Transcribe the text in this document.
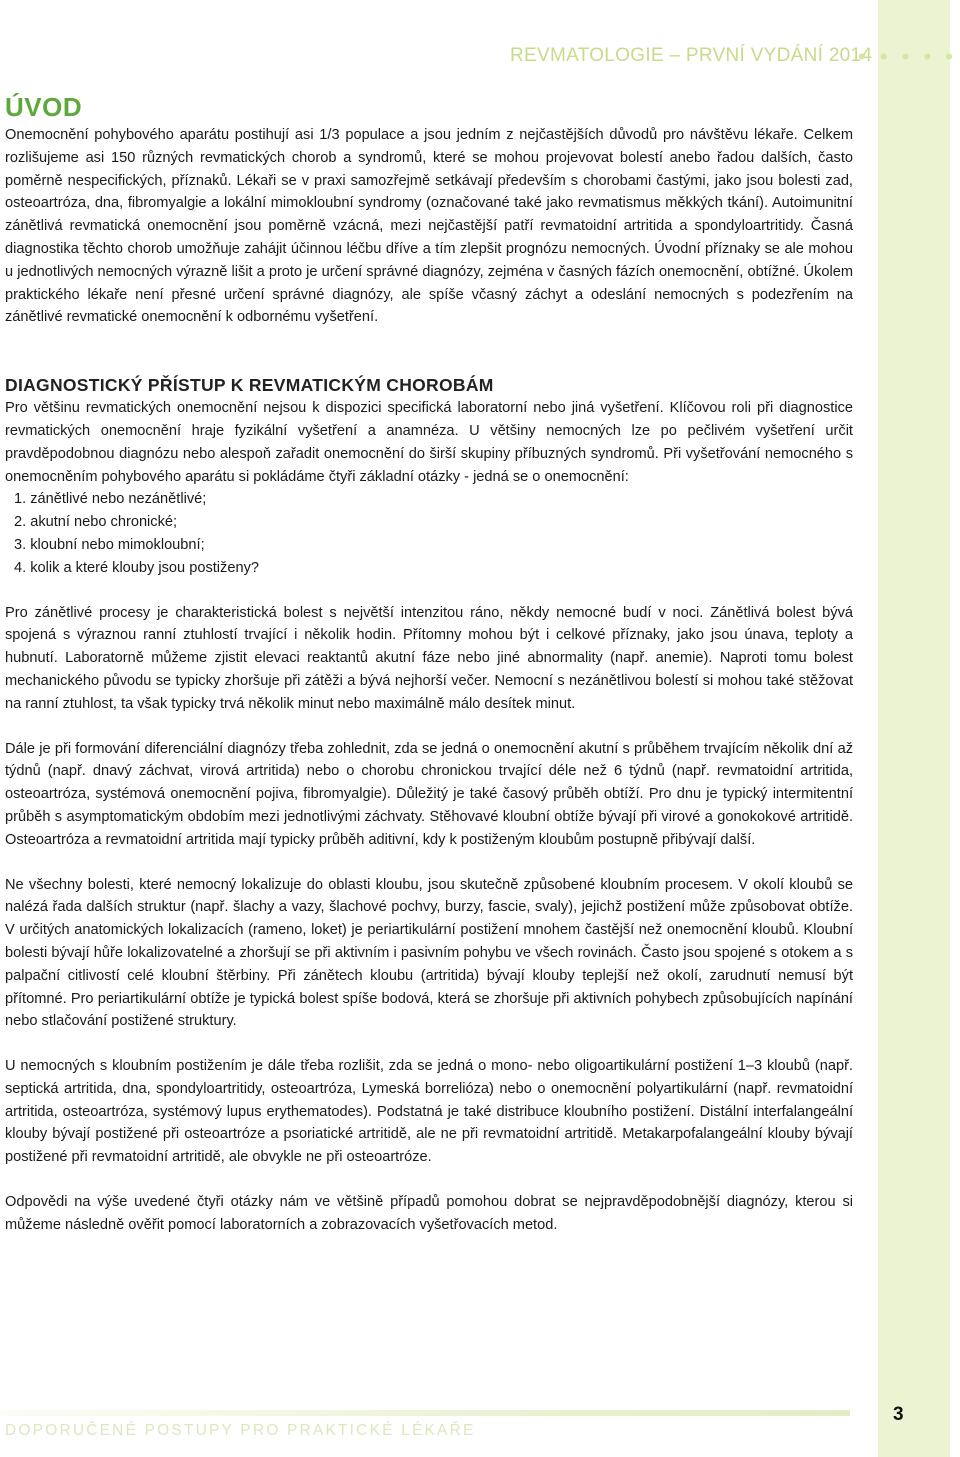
REVMATOLOGIE – PRVNÍ VYDÁNÍ 2014
• • • • •
ÚVOD

Onemocnění pohybového aparátu postihují asi 1/3 populace a jsou jedním z nejčastějších důvodů pro návštěvu lékaře. Celkem rozlišujeme asi 150 různých revmatických chorob a syndromů, které se mohou projevovat bolestí anebo řadou dalších, často poměrně nespecifických, příznaků. Lékaři se v praxi samozřejmě setkávají především s chorobami častými, jako jsou bolesti zad, osteoartróza, dna, fibromyalgie a lokální mimokloubní syndromy (označované také jako revmatismus měkkých tkání). Autoimunitní zánětlivá revmatická onemocnění jsou poměrně vzácná, mezi nejčastější patří revmatoidní artritida a spondyloartritidy. Časná diagnostika těchto chorob umožňuje zahájit účinnou léčbu dříve a tím zlepšit prognózu nemocných. Úvodní příznaky se ale mohou u jednotlivých nemocných výrazně lišit a proto je určení správné diagnózy, zejména v časných fázích onemocnění, obtížné. Úkolem praktického lékaře není přesné určení správné diagnózy, ale spíše včasný záchyt a odeslání nemocných s podezřením na zánětlivé revmatické onemocnění k odbornému vyšetření.

DIAGNOSTICKÝ PŘÍSTUP K REVMATICKÝM CHOROBÁM

Pro většinu revmatických onemocnění nejsou k dispozici specifická laboratorní nebo jiná vyšetření. Klíčovou roli při diagnostice revmatických onemocnění hraje fyzikální vyšetření a anamnéza. U většiny nemocných lze po pečlivém vyšetření určit pravděpodobnou diagnózu nebo alespoň zařadit onemocnění do širší skupiny příbuzných syndromů. Při vyšetřování nemocného s onemocněním pohybového aparátu si pokládáme čtyři základní otázky - jedná se o onemocnění:

1. zánětlivé nebo nezánětlivé;
2. akutní nebo chronické;
3. kloubní nebo mimokloubní;
4. kolik a které klouby jsou postiženy?

Pro zánětlivé procesy je charakteristická bolest s největší intenzitou ráno, někdy nemocné budí v noci. Zánětlivá bolest bývá spojená s výraznou ranní ztuhlostí trvající i několik hodin. Přítomny mohou být i celkové příznaky, jako jsou únava, teploty a hubnutí. Laboratorně můžeme zjistit elevaci reaktantů akutní fáze nebo jiné abnormality (např. anemie). Naproti tomu bolest mechanického původu se typicky zhoršuje při zátěži a bývá nejhorší večer. Nemocní s nezánětlivou bolestí si mohou také stěžovat na ranní ztuhlost, ta však typicky trvá několik minut nebo maximálně málo desítek minut.

Dále je při formování diferenciální diagnózy třeba zohlednit, zda se jedná o onemocnění akutní s průběhem trvajícím několik dní až týdnů (např. dnavý záchvat, virová artritida) nebo o chorobu chronickou trvající déle než 6 týdnů (např. revmatoidní artritida, osteoartróza, systémová onemocnění pojiva, fibromyalgie). Důležitý je také časový průběh obtíží. Pro dnu je typický intermitentní průběh s asymptomatickým obdobím mezi jednotlivými záchvaty. Stěhovavé kloubní obtíže bývají při virové a gonokokové artritidě. Osteoartróza a revmatoidní artritida mají typicky průběh aditivní, kdy k postiženým kloubům postupně přibývají další.

Ne všechny bolesti, které nemocný lokalizuje do oblasti kloubu, jsou skutečně způsobené kloubním procesem. V okolí kloubů se nalézá řada dalších struktur (např. šlachy a vazy, šlachové pochvy, burzy, fascie, svaly), jejichž postižení může způsobovat obtíže. V určitých anatomických lokalizacích (rameno, loket) je periartikulární postižení mnohem častější než onemocnění kloubů. Kloubní bolesti bývají hůře lokalizovatelné a zhoršují se při aktivním i pasivním pohybu ve všech rovinách. Často jsou spojené s otokem a s palpační citlivostí celé kloubní štěrbiny. Při zánětech kloubu (artritida) bývají klouby teplejší než okolí, zarudnutí nemusí být přítomné. Pro periartikulární obtíže je typická bolest spíše bodová, která se zhoršuje při aktivních pohybech způsobujících napínání nebo stlačování postižené struktury.

U nemocných s kloubním postižením je dále třeba rozlišit, zda se jedná o mono- nebo oligoartikulární postižení 1–3 kloubů (např. septická artritida, dna, spondyloartritidy, osteoartróza, Lymeská borrelióza) nebo o onemocnění polyartikulární (např. revmatoidní artritida, osteoartróza, systémový lupus erythematodes). Podstatná je také distribuce kloubního postižení. Distální interfalangeální klouby bývají postižené při osteoartróze a psoriatické artritidě, ale ne při revmatoidní artritidě. Metakarpofalangeální klouby bývají postižené při revmatoidní artritidě, ale obvykle ne při osteoartróze.

Odpovědi na výše uvedené čtyři otázky nám ve většině případů pomohou dobrat se nejpravděpodobnější diagnózy, kterou si můžeme následně ověřit pomocí laboratorních a zobrazovacích vyšetřovacích metod.

DOPORUČENÉ POSTUPY PRO PRAKTICKÉ LÉKAŘE
3
